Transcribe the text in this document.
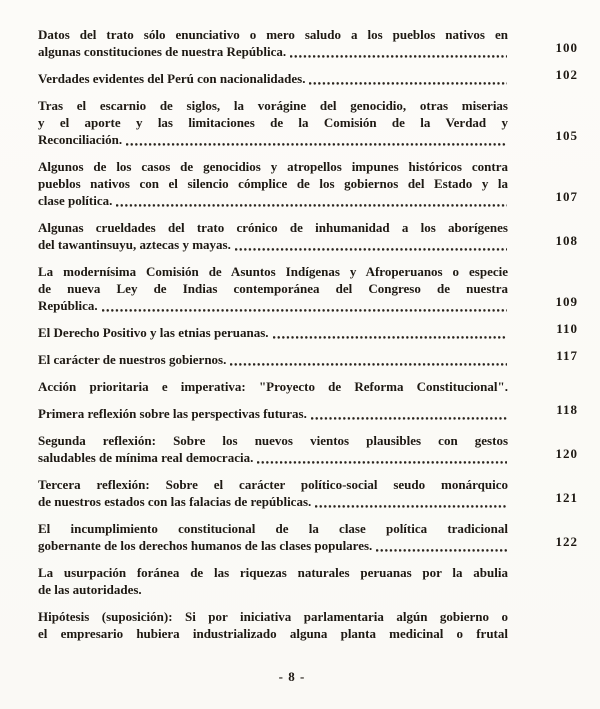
Datos del trato sólo enunciativo o mero saludo a los pueblos nativos en
algunas constituciones de nuestra República.	100
Verdades evidentes del Perú con nacionalidades.	102
Tras el escarnio de siglos, la vorágine del genocidio, otras miserias
y el aporte y las limitaciones de la Comisión de la Verdad y
Reconciliación.	105
Algunos de los casos de genocidios y atropellos impunes históricos contra
pueblos nativos con el silencio cómplice de los gobiernos del Estado y la
clase política.	107
Algunas crueldades del trato crónico de inhumanidad a los aborígenes
del tawantinsuyu, aztecas y mayas.	108
La modernísima Comisión de Asuntos Indígenas y Afroperuanos o especie
de nueva Ley de Indias contemporánea del Congreso de nuestra
República.	109
El Derecho Positivo y las etnias peruanas.	110
El carácter de nuestros gobiernos.	117
Acción prioritaria e imperativa: "Proyecto de Reforma Constitucional".
Primera reflexión sobre las perspectivas futuras.	118
Segunda reflexión: Sobre los nuevos vientos plausibles con gestos
saludables de mínima real democracia.	120
Tercera reflexión: Sobre el carácter político-social seudo monárquico
de nuestros estados con las falacias de repúblicas.	121
El incumplimiento constitucional de la clase política tradicional
gobernante de los derechos humanos de las clases populares.	122
La usurpación foránea de las riquezas naturales peruanas por la abulia
de las autoridades.
Hipótesis (suposición): Si por iniciativa parlamentaria algún gobierno o
el empresario hubiera industrializado alguna planta medicinal o frutal
- 8 -
